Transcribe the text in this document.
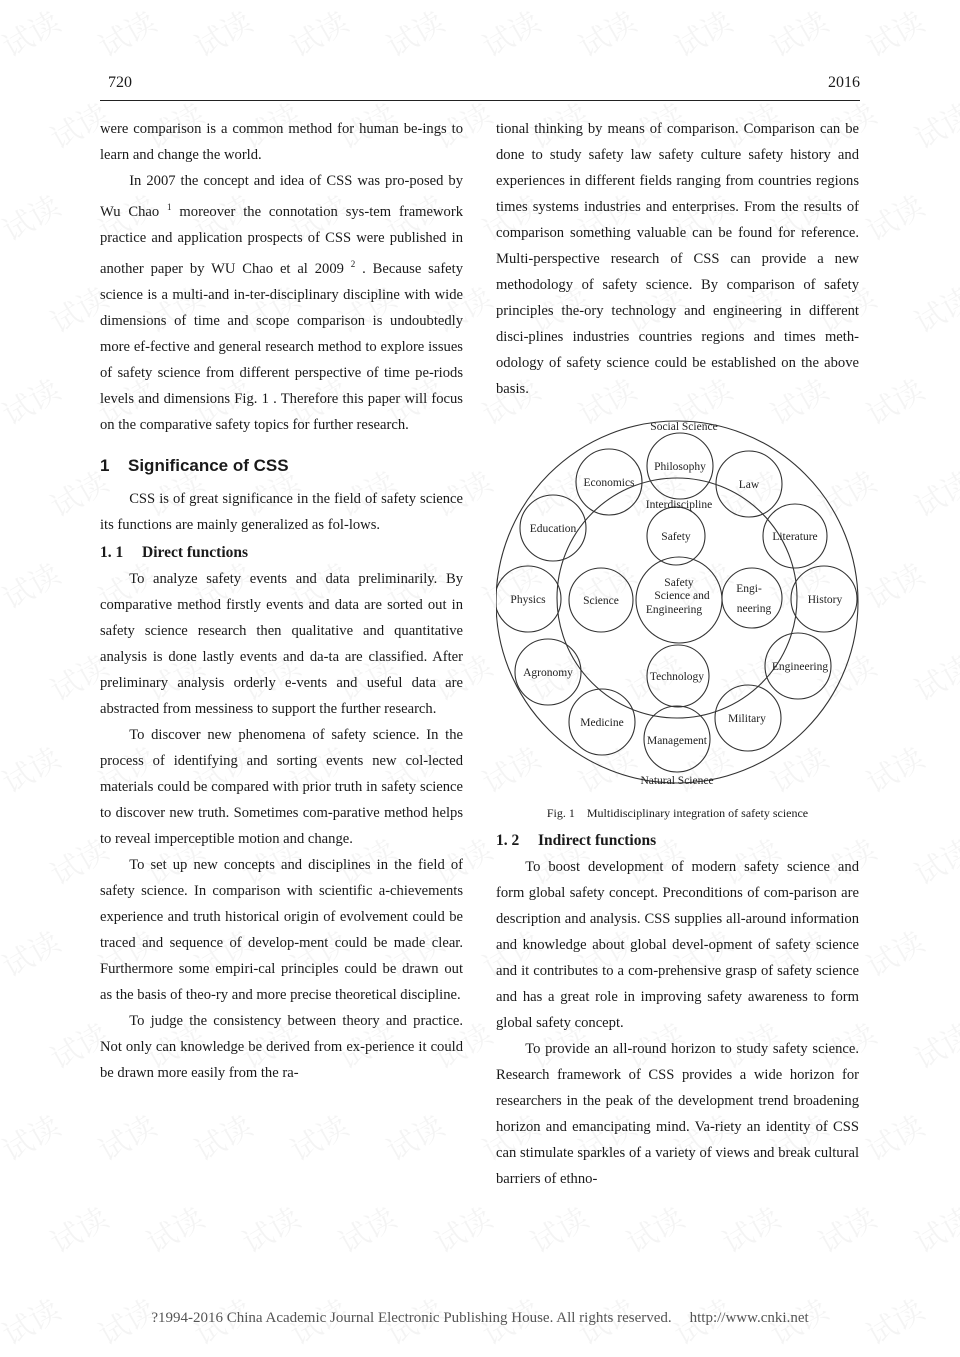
720	2016

were comparison is a common method for human be-ings to learn and change the world.

In 2007 the concept and idea of CSS was pro-posed by Wu Chao $^1$ moreover the connotation sys-tem framework practice and application prospects of CSS were published in another paper by WU Chao et al 2009 $^2$ . Because safety science is a multi-and in-ter-disciplinary discipline with wide dimensions of time and scope comparison is undoubtedly more ef-fective and general research method to explore issues of safety science from different perspective of time pe-riods levels and dimensions Fig. 1 . Therefore this paper will focus on the comparative safety topics for further research.

1 Significance of CSS

CSS is of great significance in the field of safety science its functions are mainly generalized as fol-lows.

1. 1 Direct functions

To analyze safety events and data preliminarily. By comparative method firstly events and data are sorted out in safety science research then qualitative and quantitative analysis is done lastly events and da-ta are classified. After preliminary analysis orderly e-vents and useful data are abstracted from messiness to support the further research.

To discover new phenomena of safety science. In the process of identifying and sorting events new col-lected materials could be compared with prior truth in safety science to discover new truth. Sometimes com-parative method helps to reveal imperceptible motion and change.

To set up new concepts and disciplines in the field of safety science. In comparison with scientific a-chievements experience and truth historical origin of evolvement could be traced and sequence of develop-ment could be made clear. Furthermore some empiri-cal principles could be drawn out as the basis of theo-ry and more precise theoretical discipline.

To judge the consistency between theory and practice. Not only can knowledge be derived from ex-perience it could be drawn more easily from the ra-

tional thinking by means of comparison. Comparison can be done to study safety law safety culture safety history and experiences in different fields ranging from countries regions times systems industries and enterprises. From the results of comparison something valuable can be found for reference. Multi-perspective research of CSS can provide a new methodology of safety science. By comparison of safety principles the-ory technology and engineering in different disci-plines industries countries regions and times meth-odology of safety science could be established on the above basis.

Social Science
Natural Science
Interdiscipline
Safety
Science and
Engineering
Safety
Science
Engi-
neering
Technology
Philosophy
Law
Literature
History
Engineering
Military
Management
Medicine
Agronomy
Physics
Education
Economics
Fig. 1 Multidisciplinary integration of safety science
1. 2 Indirect functions

To boost development of modern safety science and form global safety concept. Preconditions of com-parison are description and analysis. CSS supplies all-around information and knowledge about global devel-opment of safety science and it contributes to a com-prehensive grasp of safety science and has a great role in improving safety awareness to form global safety concept.

To provide an all-round horizon to study safety science. Research framework of CSS provides a wide horizon for researchers in the peak of the development trend broadening horizon and emancipating mind. Va-riety an identity of CSS can stimulate sparkles of a variety of views and break cultural barriers of ethno-

?1994-2016 China Academic Journal Electronic Publishing House. All rights reserved. http://www.cnki.net
